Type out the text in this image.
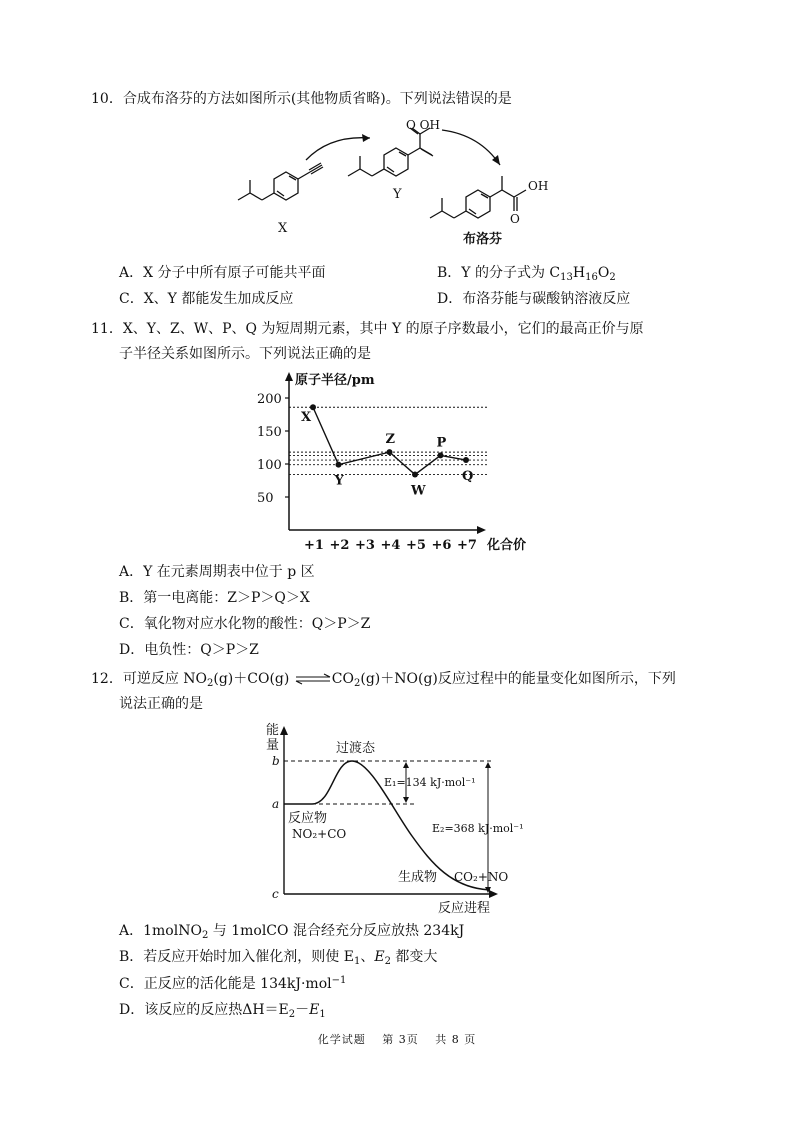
10．合成布洛芬的方法如图所示(其他物质省略)。下列说法错误的是
X
O OH
Y
OH
O
布洛芬
A．X 分子中所有原子可能共平面	B．Y 的分子式为 $C_{13}H_{16}O_2$
C．X、Y 都能发生加成反应	D．布洛芬能与碳酸钠溶液反应
11．X、Y、Z、W、P、Q 为短周期元素，其中 Y 的原子序数最小，它们的最高正价与原
子半径关系如图所示。下列说法正确的是
原子半径/pm
化合价
50
100
150
200
+1 +2 +3 +4 +5 +6 +7
X
Y
Z
W
P
Q
A．Y 在元素周期表中位于 p 区
B．第一电离能：Z＞P＞Q＞X
C．氧化物对应水化物的酸性：Q＞P＞Z
D．电负性：Q＞P＞Z
12．可逆反应 $NO_2(g)+CO(g)$ $\rightleftharpoons CO_2(g)+NO(g)$反应过程中的能量变化如图所示，下列
说法正确的是
能
量
反应进程
b
a
c
过渡态
E₁=134 kJ·mol⁻¹
E₂=368 kJ·mol⁻¹
反应物
NO₂+CO
生成物 CO₂+NO
A．1molNO$_2$ 与 1molCO 混合经充分反应放热 234kJ
B．若反应开始时加入催化剂，则使 $E_1$、$E_2$ 都变大
C．正反应的活化能是 134kJ·mol$^{-1}$
D．该反应的反应热$\Delta H=E_2-E_1$
化学试题 第 3页 共 8 页
